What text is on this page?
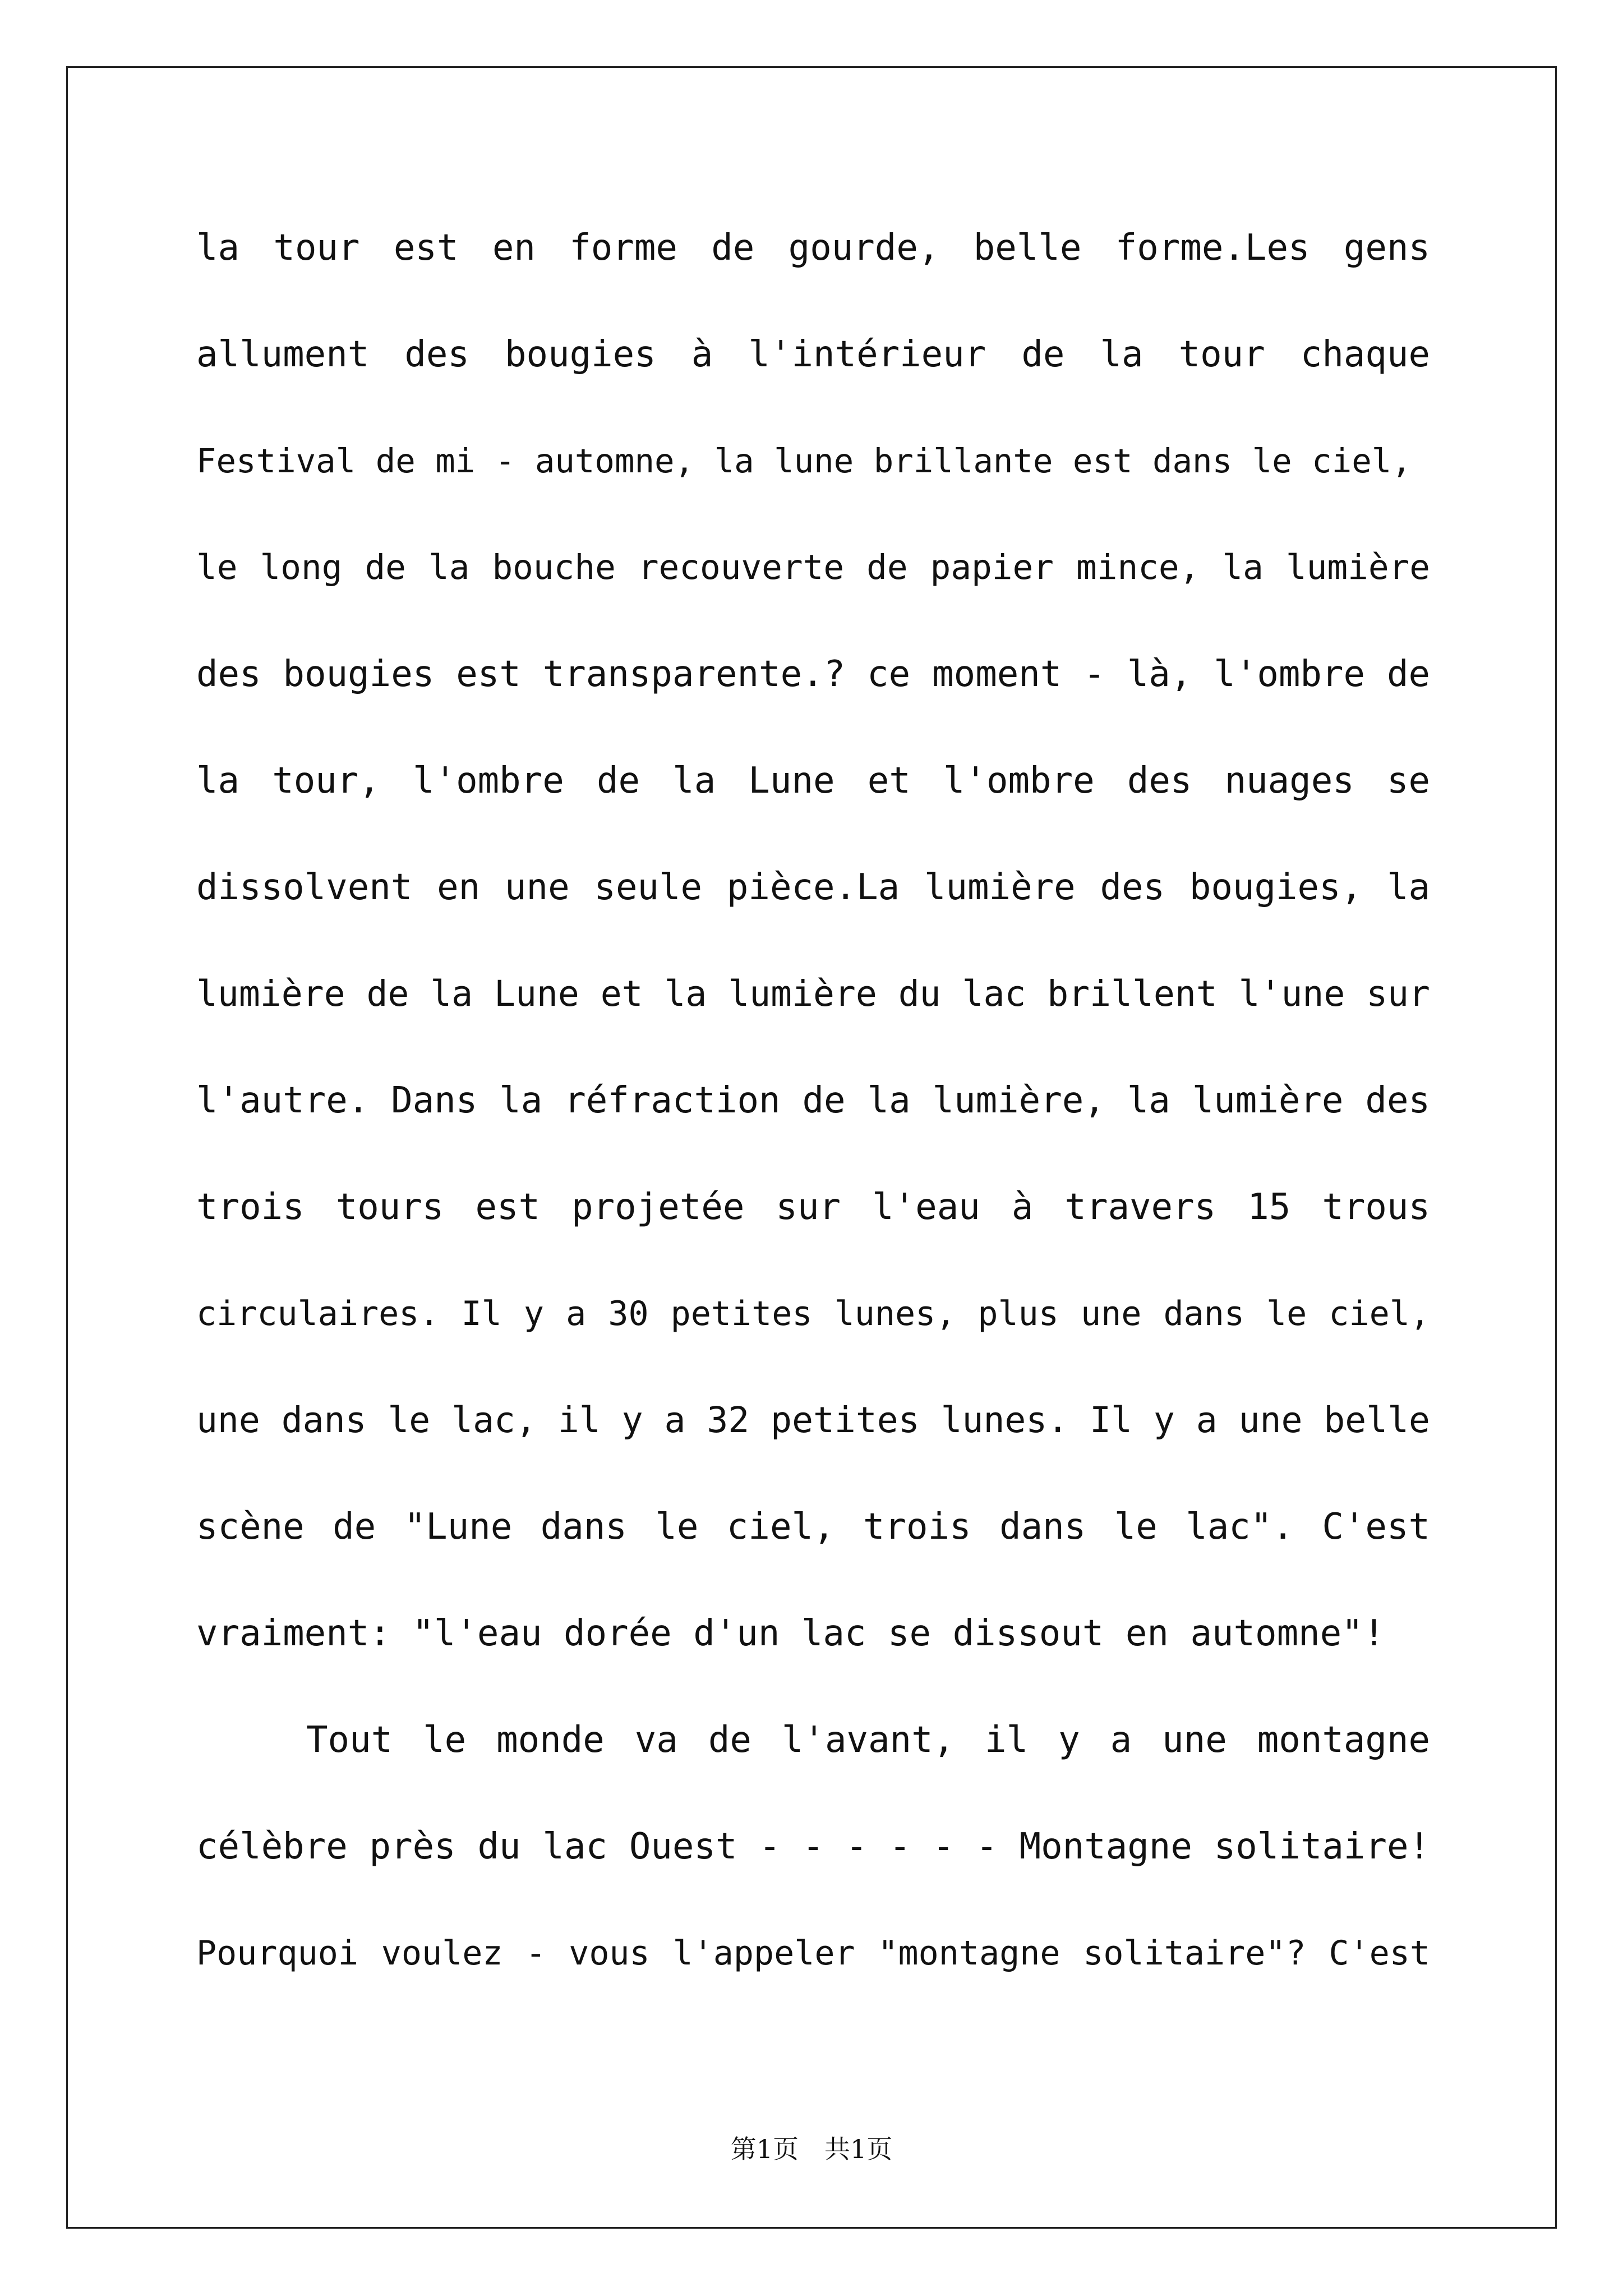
la tour est en forme de gourde, belle forme.Les gens
allument des bougies à l'intérieur de la tour chaque
Festival de mi - automne, la lune brillante est dans le ciel,
le long de la bouche recouverte de papier mince, la lumière
des bougies est transparente.? ce moment - là, l'ombre de
la tour, l'ombre de la Lune et l'ombre des nuages se
dissolvent en une seule pièce.La lumière des bougies, la
lumière de la Lune et la lumière du lac brillent l'une sur
l'autre. Dans la réfraction de la lumière, la lumière des
trois tours est projetée sur l'eau à travers 15 trous
circulaires. Il y a 30 petites lunes, plus une dans le ciel,
une dans le lac, il y a 32 petites lunes. Il y a une belle
scène de "Lune dans le ciel, trois dans le lac". C'est
vraiment: "l'eau dorée d'un lac se dissout en automne"!
Tout le monde va de l'avant, il y a une montagne
célèbre près du lac Ouest - - - - - - Montagne solitaire!
Pourquoi voulez - vous l'appeler "montagne solitaire"? C'est
第1页　共1页
